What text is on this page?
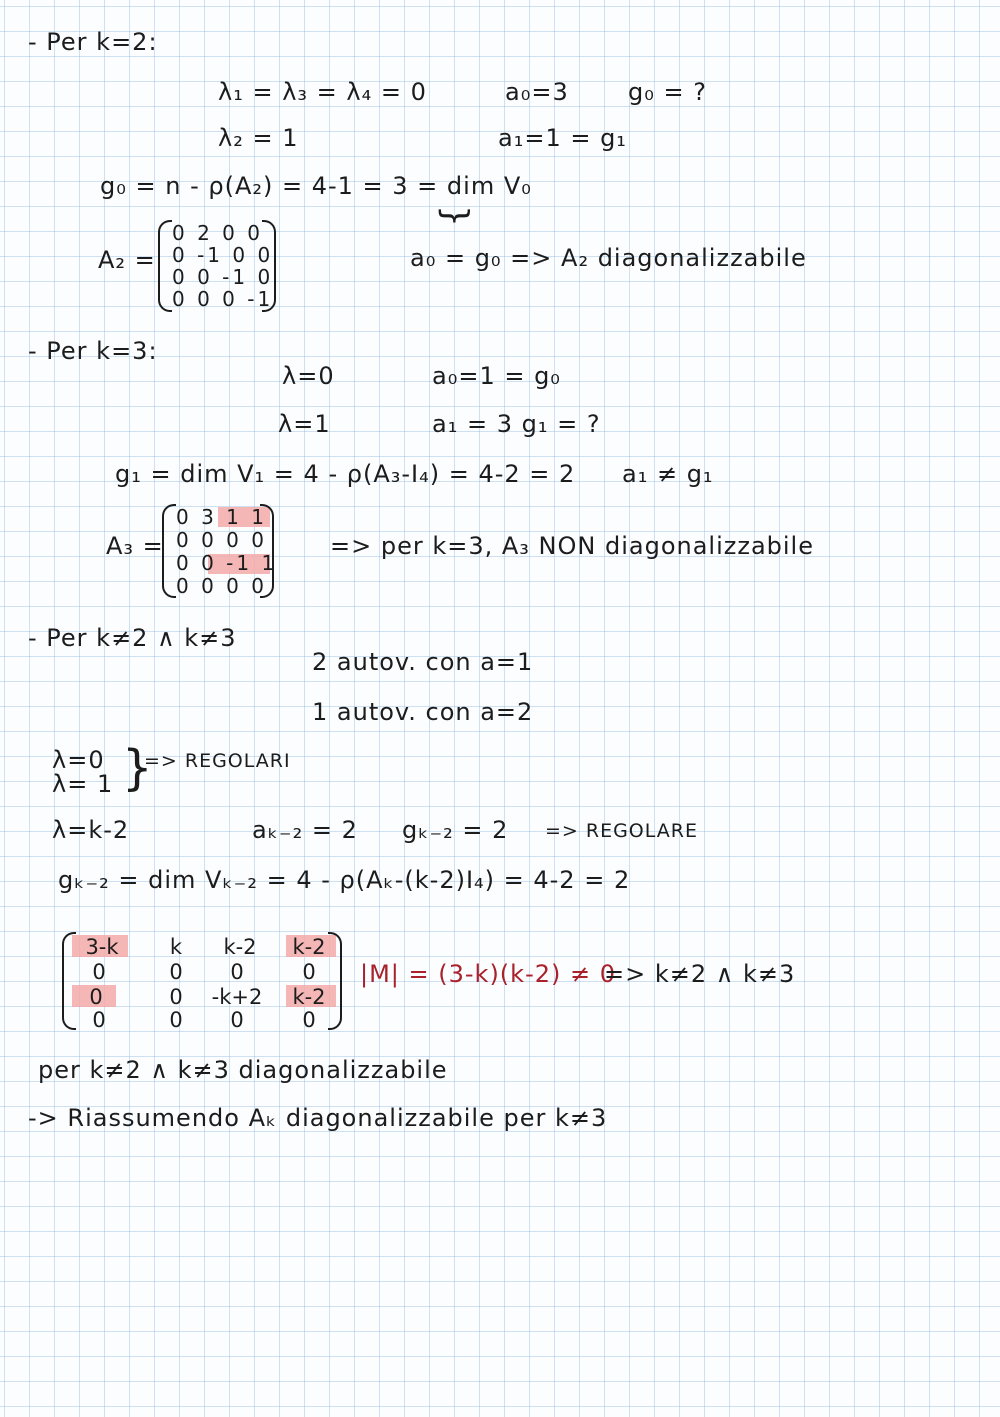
- Per k=2:
λ₁ = λ₃ = λ₄ = 0	a₀=3 g₀ = ?
λ₂ = 1	a₁=1 = g₁
g₀ = n - ρ(A₂) = 4-1 = 3 = dim V₀
}
A₂ =
0 2 0 0
0 -1 0 0
0 0 -1 0
0 0 0 -1
a₀ = g₀ => A₂ diagonalizzabile
- Per k=3:
λ=0	a₀=1 = g₀
λ=1	a₁ = 3 g₁ = ?
g₁ = dim V₁ = 4 - ρ(A₃-I₄) = 4-2 = 2 a₁ ≠ g₁
A₃ =
0 3 1 1
0 0 0 0
0 0 -1 1
0 0 0 0
=> per k=3, A₃ NON diagonalizzabile
- Per k≠2 ∧ k≠3
2 autov. con a=1
1 autov. con a=2
λ=0
λ= 1 }
=> REGOLARI
λ=k-2	aₖ₋₂ = 2 gₖ₋₂ = 2 => REGOLARE
gₖ₋₂ = dim Vₖ₋₂ = 4 - ρ(Aₖ-(k-2)I₄) = 4-2 = 2
3-k	k	k-2	k-2
0	0	0	0
0	0	-k+2	k-2
0	0	0	0
|M| = (3-k)(k-2) ≠ 0
=> k≠2 ∧ k≠3
per k≠2 ∧ k≠3 diagonalizzabile
-> Riassumendo Aₖ diagonalizzabile per k≠3
